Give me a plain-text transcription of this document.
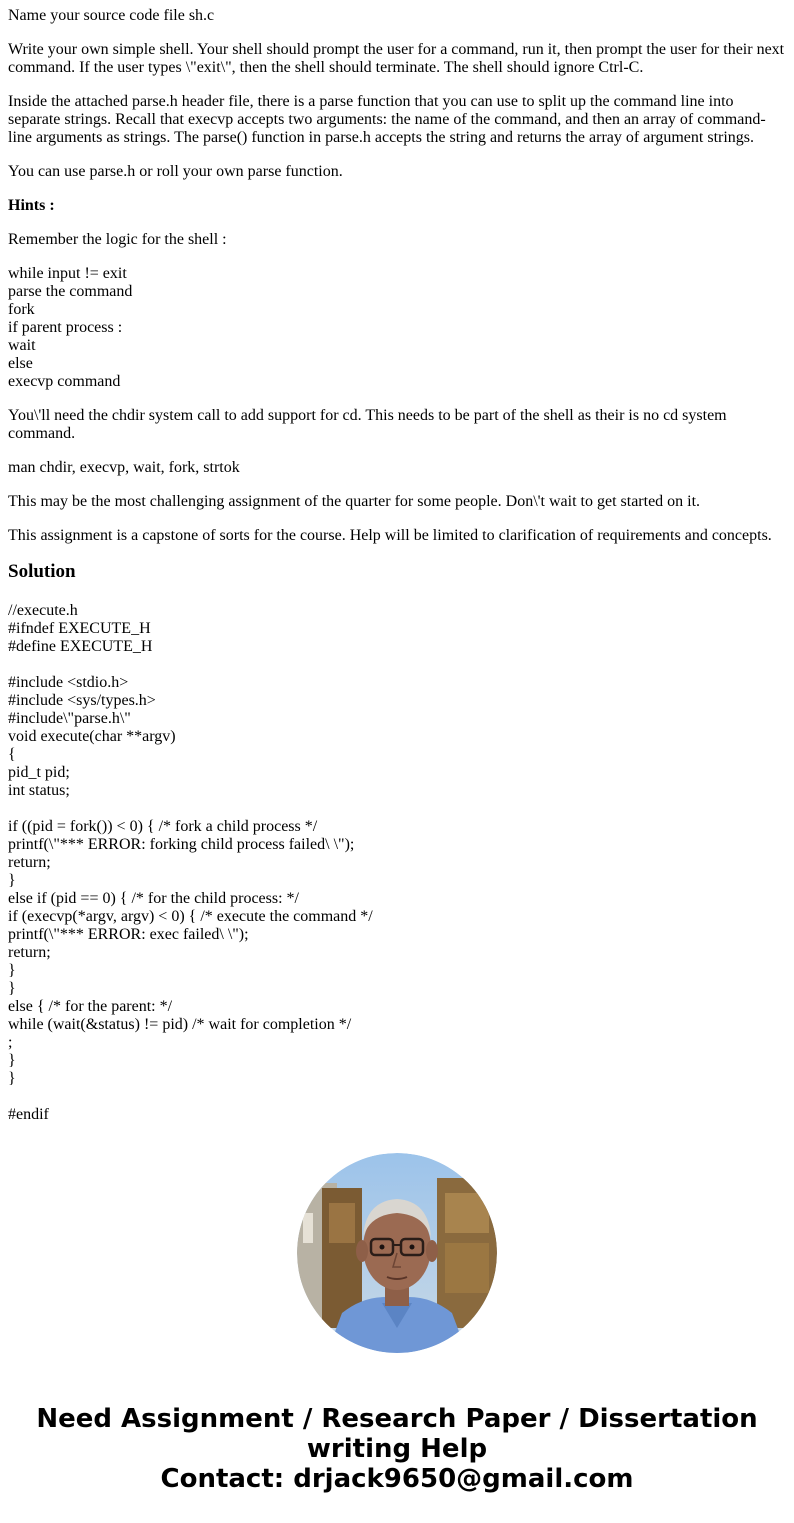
Name your source code file sh.c

Write your own simple shell. Your shell should prompt the user for a command, run it, then prompt the user for their next command. If the user types \"exit\", then the shell should terminate. The shell should ignore Ctrl-C.

Inside the attached parse.h header file, there is a parse function that you can use to split up the command line into separate strings. Recall that execvp accepts two arguments: the name of the command, and then an array of command-line arguments as strings. The parse() function in parse.h accepts the string and returns the array of argument strings.

You can use parse.h or roll your own parse function.

Hints :

Remember the logic for the shell :

while input != exit

parse the command

fork

if parent process :

wait

else

execvp command

You\'ll need the chdir system call to add support for cd. This needs to be part of the shell as their is no cd system command.

man chdir, execvp, wait, fork, strtok

This may be the most challenging assignment of the quarter for some people. Don\'t wait to get started on it.

This assignment is a capstone of sorts for the course. Help will be limited to clarification of requirements and concepts.

Solution
//execute.h
#ifndef EXECUTE_H
#define EXECUTE_H
#include <stdio.h>
#include <sys/types.h>
#include\"parse.h\"
void execute(char **argv)
{
pid_t pid;
int status;
if ((pid = fork()) < 0) { /* fork a child process */
printf(\"*** ERROR: forking child process failed\ \");
return;
}
else if (pid == 0) { /* for the child process: */
if (execvp(*argv, argv) < 0) { /* execute the command */
printf(\"*** ERROR: exec failed\ \");
return;
}
}
else { /* for the parent: */
while (wait(&status) != pid) /* wait for completion */
;
}
}
#endif
Need Assignment / Research Paper / Dissertation
writing Help
Contact: drjack9650@gmail.com
